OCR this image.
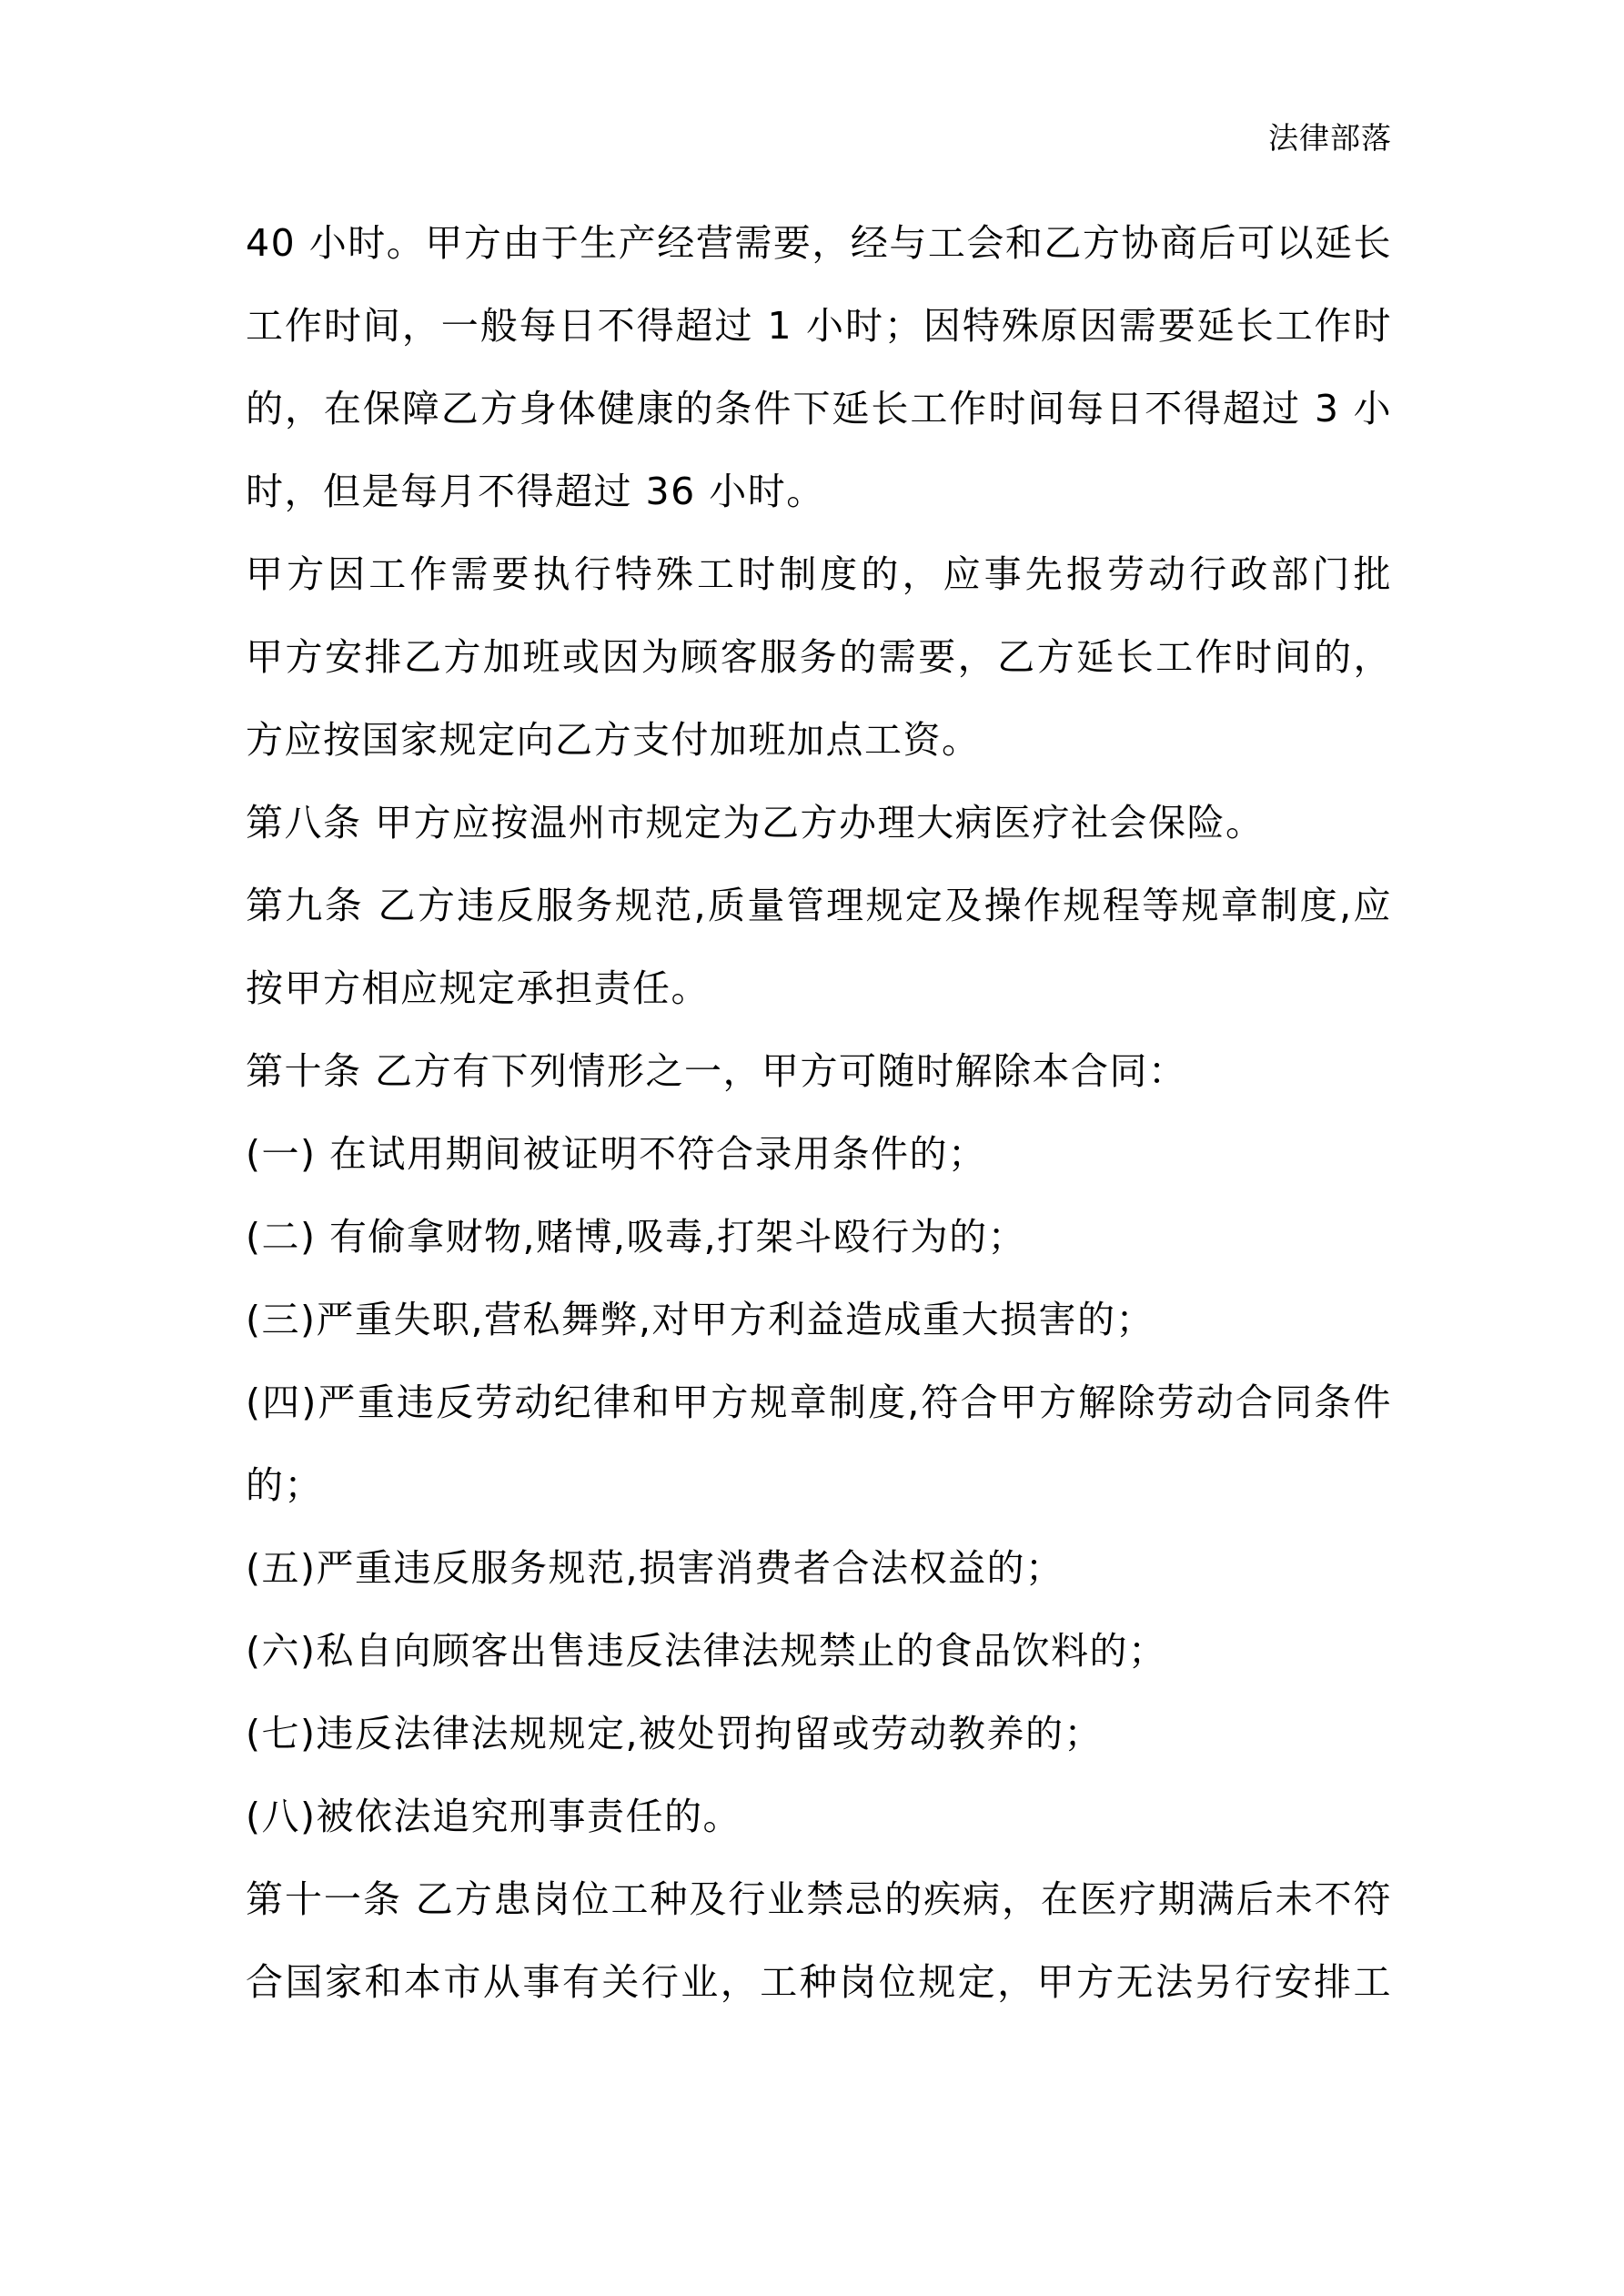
法律部落
40 小时。甲方由于生产经营需要，经与工会和乙方协商后可以延长
工作时间，一般每日不得超过 1 小时；因特殊原因需要延长工作时
的，在保障乙方身体健康的条件下延长工作时间每日不得超过 3 小
时，但是每月不得超过 36 小时。
甲方因工作需要执行特殊工时制度的，应事先报劳动行政部门批
甲方安排乙方加班或因为顾客服务的需要，乙方延长工作时间的，
方应按国家规定向乙方支付加班加点工资。
第八条 甲方应按温州市规定为乙方办理大病医疗社会保险。
第九条 乙方违反服务规范,质量管理规定及操作规程等规章制度,应
按甲方相应规定承担责任。
第十条 乙方有下列情形之一，甲方可随时解除本合同：
(一) 在试用期间被证明不符合录用条件的；
(二) 有偷拿财物,赌博,吸毒,打架斗殴行为的；
(三)严重失职,营私舞弊,对甲方利益造成重大损害的；
(四)严重违反劳动纪律和甲方规章制度,符合甲方解除劳动合同条件
的；
(五)严重违反服务规范,损害消费者合法权益的；
(六)私自向顾客出售违反法律法规禁止的食品饮料的；
(七)违反法律法规规定,被处罚拘留或劳动教养的；
(八)被依法追究刑事责任的。
第十一条 乙方患岗位工种及行业禁忌的疾病，在医疗期满后未不符
合国家和本市从事有关行业，工种岗位规定，甲方无法另行安排工
